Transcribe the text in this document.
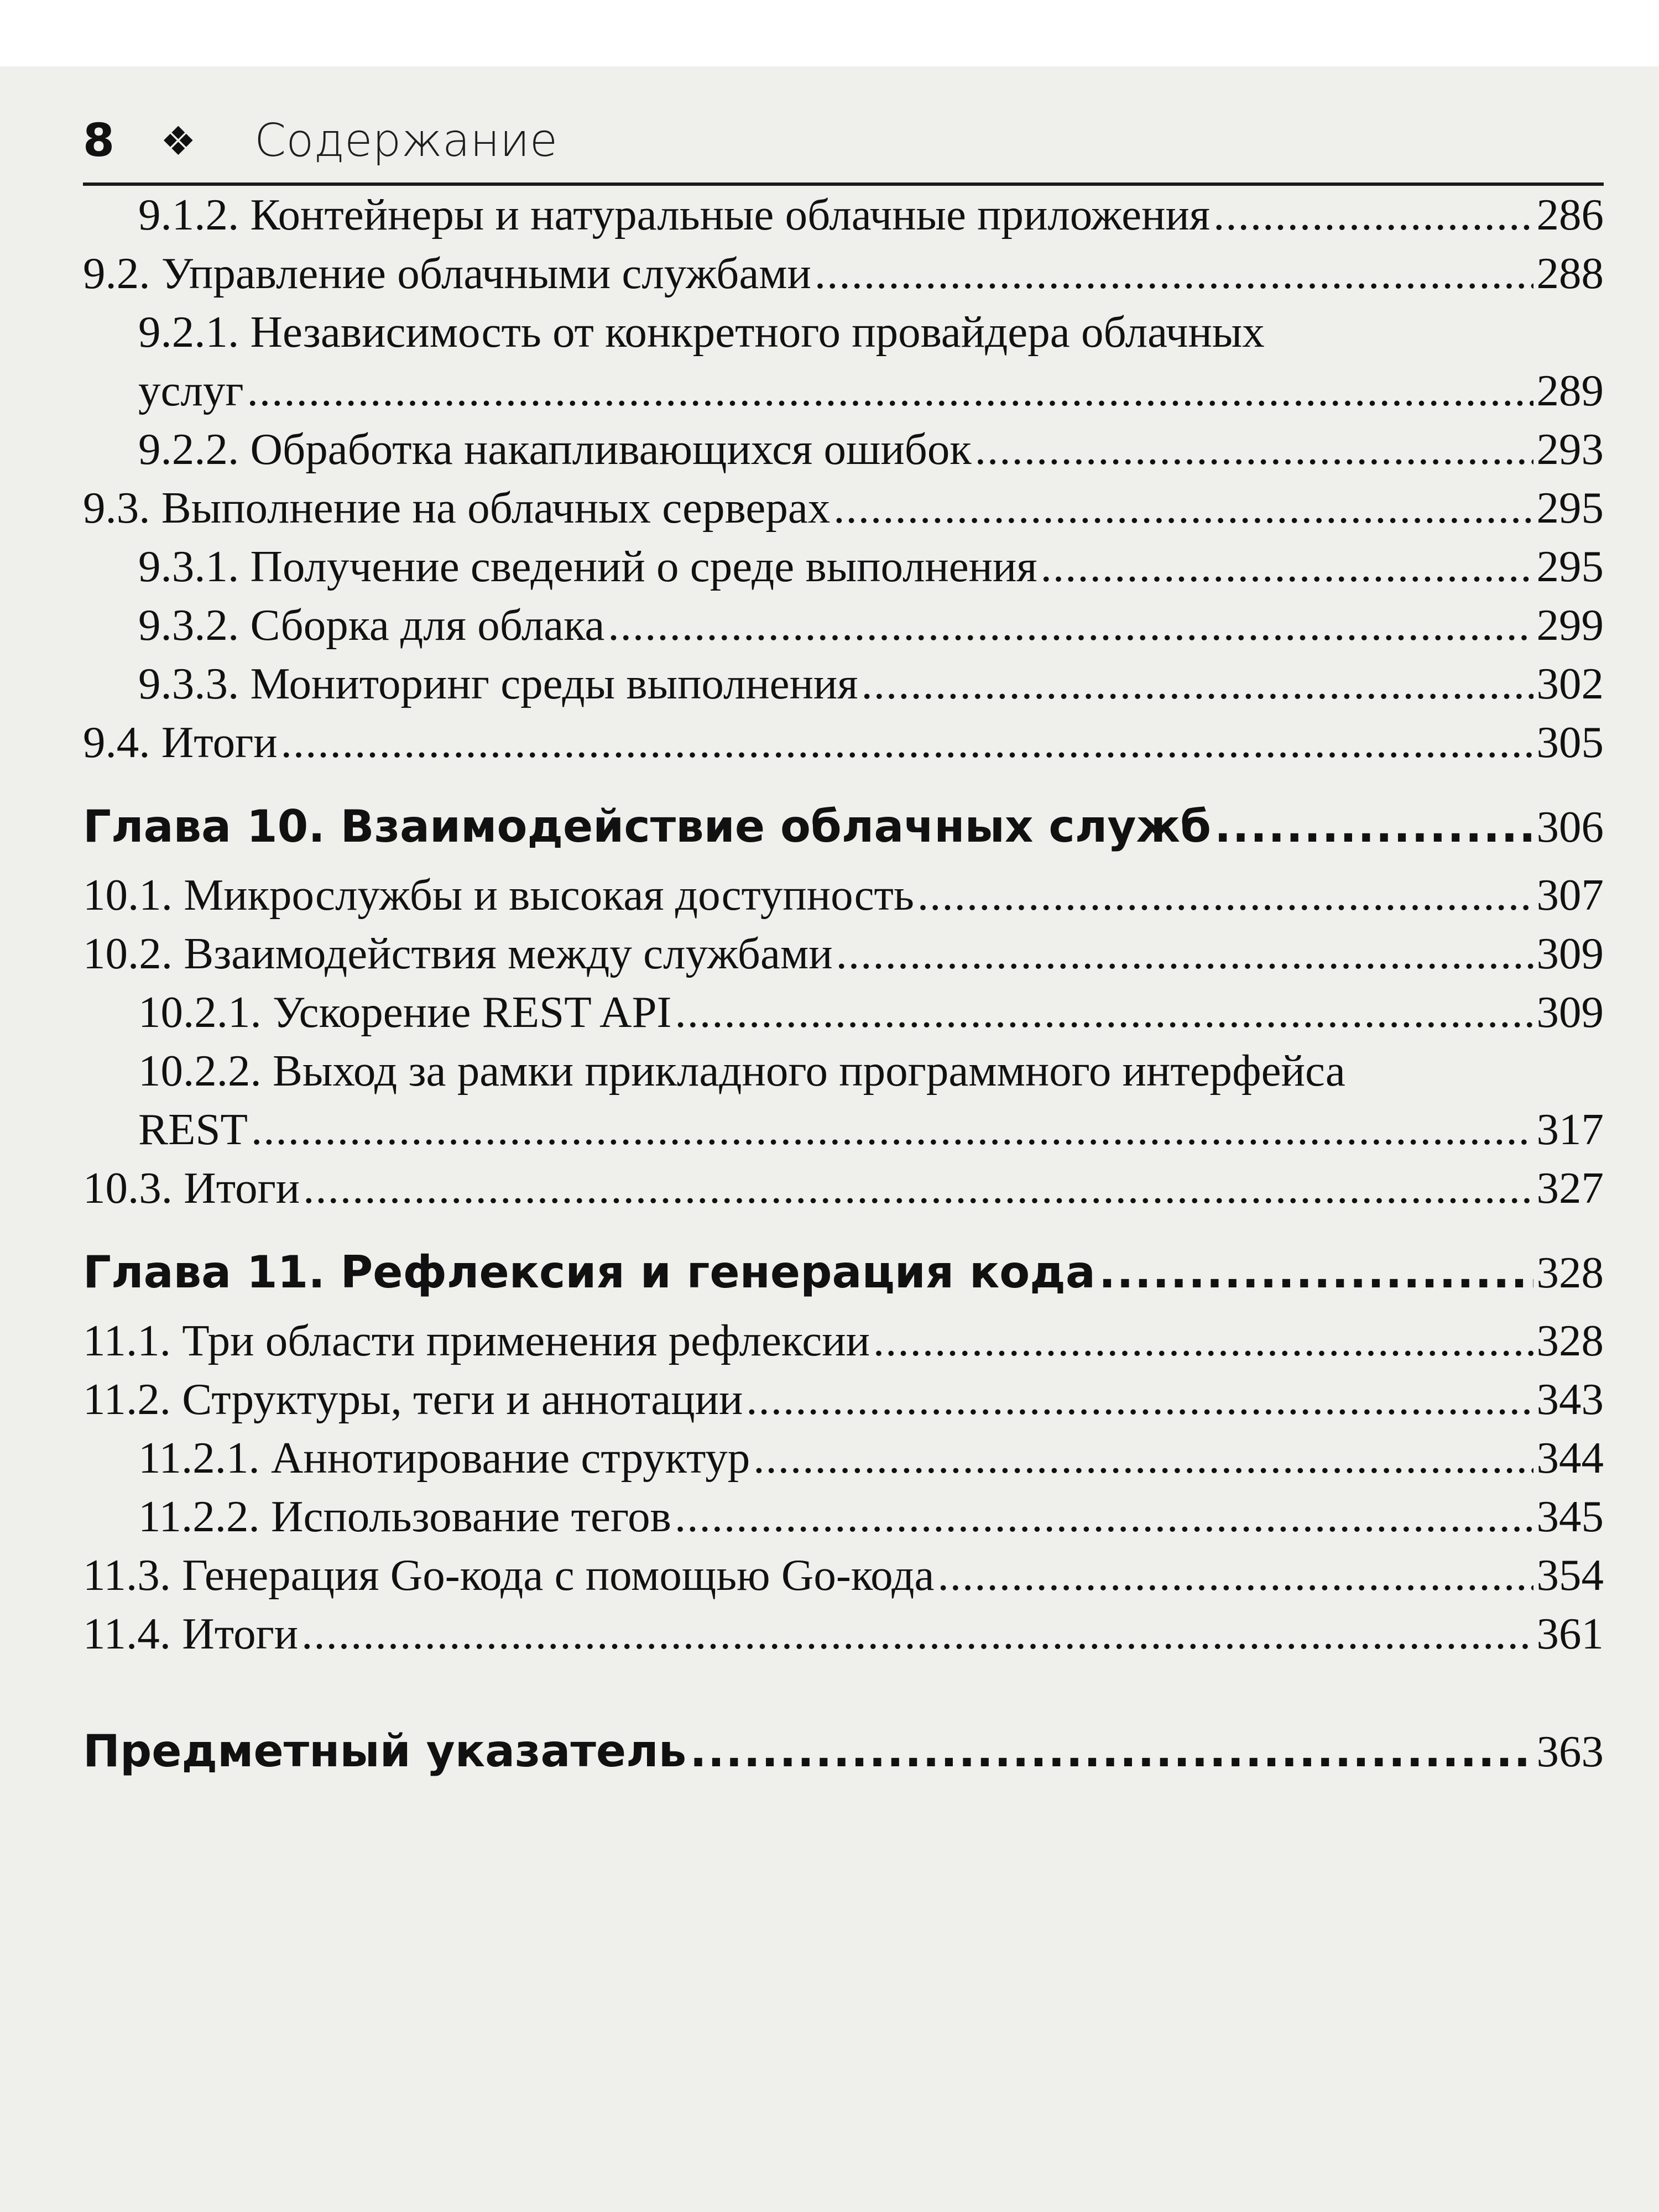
8 ❖ Содержание
9.1.2. Контейнеры и натуральные облачные приложения .....	286
9.2. Управление облачными службами .....	288
9.2.1. Независимость от конкретного провайдера облачных
услуг .....	289
9.2.2. Обработка накапливающихся ошибок .....	293
9.3. Выполнение на облачных серверах .....	295
9.3.1. Получение сведений о среде выполнения .....	295
9.3.2. Сборка для облака .....	299
9.3.3. Мониторинг среды выполнения .....	302
9.4. Итоги .....	305
Глава 10. Взаимодействие облачных служб .....	306
10.1. Микрослужбы и высокая доступность .....	307
10.2. Взаимодействия между службами .....	309
10.2.1. Ускорение REST API .....	309
10.2.2. Выход за рамки прикладного программного интерфейса
REST .....	317
10.3. Итоги .....	327
Глава 11. Рефлексия и генерация кода .....	328
11.1. Три области применения рефлексии .....	328
11.2. Структуры, теги и аннотации .....	343
11.2.1. Аннотирование структур .....	344
11.2.2. Использование тегов .....	345
11.3. Генерация Go-кода с помощью Go-кода .....	354
11.4. Итоги .....	361
Предметный указатель .....	363
